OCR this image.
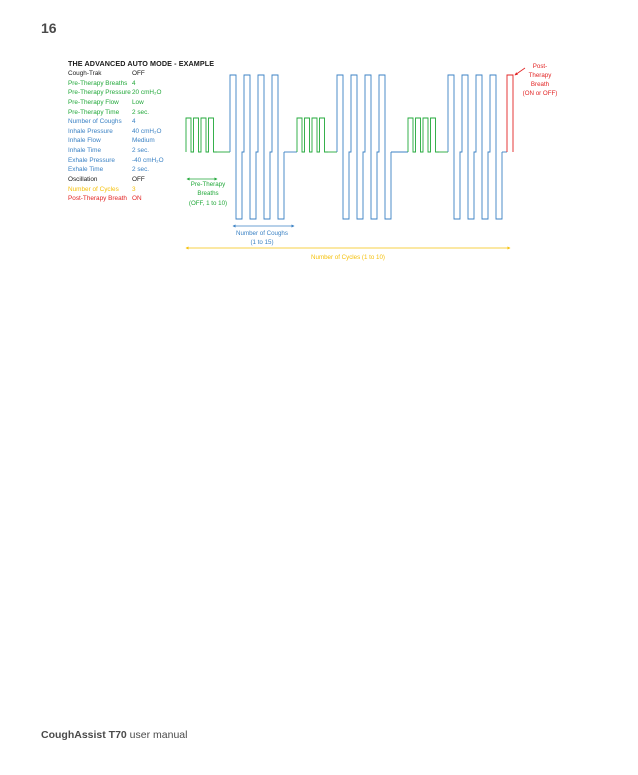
16
THE ADVANCED AUTO MODE - EXAMPLE
Cough-Trak	OFF
Pre-Therapy Breaths 4
Pre-Therapy Pressure 20 cmH₂O
Pre-Therapy Flow Low
Pre-Therapy Time 2 sec.
Number of Coughs 4
Inhale Pressure	40 cmH₂O
Inhale Flow	Medium
Inhale Time	2 sec.
Exhale Pressure	-40 cmH₂O
Exhale Time	2 sec.
Oscillation	OFF
Number of Cycles 3
Post-Therapy Breath ON
Pre-Therapy
Breaths
(OFF, 1 to 10)
Number of Coughs
(1 to 15)
Number of Cycles (1 to 10)
Post-
Therapy
Breath
(ON or OFF)
CoughAssist T70 user manual
